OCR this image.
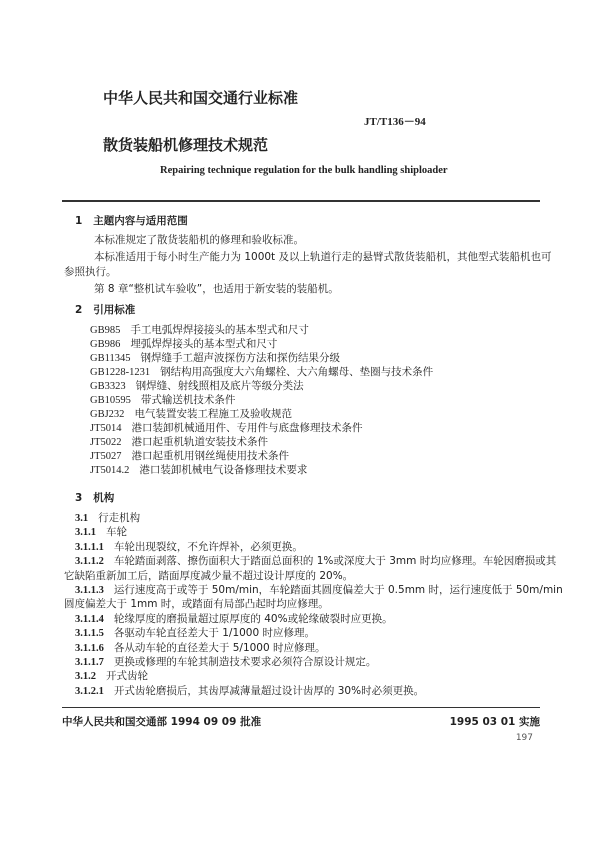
中华人民共和国交通行业标准
JT/T136－94
散货装船机修理技术规范
Repairing technique regulation for the bulk handling shiploader
1 主题内容与适用范围
本标准规定了散货装船机的修理和验收标准。
本标准适用于每小时生产能力为 1000t 及以上轨道行走的悬臂式散货装船机，其他型式装船机也可
参照执行。
第 8 章“整机试车验收”，也适用于新安装的装船机。
2 引用标准
GB985 手工电弧焊焊接接头的基本型式和尺寸
GB986 埋弧焊焊接头的基本型式和尺寸
GB11345 钢焊缝手工超声波探伤方法和探伤结果分级
GB1228-1231 钢结构用高强度大六角螺栓、大六角螺母、垫圈与技术条件
GB3323 钢焊缝、射线照相及底片等级分类法
GB10595 带式输送机技术条件
GBJ232 电气装置安装工程施工及验收规范
JT5014 港口装卸机械通用件、专用件与底盘修理技术条件
JT5022 港口起重机轨道安装技术条件
JT5027 港口起重机用钢丝绳使用技术条件
JT5014.2 港口装卸机械电气设备修理技术要求
3 机构
3.1 行走机构
3.1.1 车轮
3.1.1.1 车轮出现裂纹，不允许焊补，必须更换。
3.1.1.2 车轮踏面剥落、擦伤面积大于踏面总面积的 1%或深度大于 3mm 时均应修理。车轮因磨损或其
它缺陷重新加工后，踏面厚度减少量不超过设计厚度的 20%。
3.1.1.3 运行速度高于或等于 50m/min，车轮踏面其圆度偏差大于 0.5mm 时，运行速度低于 50m/min
圆度偏差大于 1mm 时，或踏面有局部凸起时均应修理。
3.1.1.4 轮缘厚度的磨损量超过原厚度的 40%或轮缘破裂时应更换。
3.1.1.5 各驱动车轮直径差大于 1/1000 时应修理。
3.1.1.6 各从动车轮的直径差大于 5/1000 时应修理。
3.1.1.7 更换或修理的车轮其制造技术要求必须符合原设计规定。
3.1.2 开式齿轮
3.1.2.1 开式齿轮磨损后，其齿厚减薄量超过设计齿厚的 30%时必须更换。
中华人民共和国交通部 1994 09 09 批准	1995 03 01 实施
197
